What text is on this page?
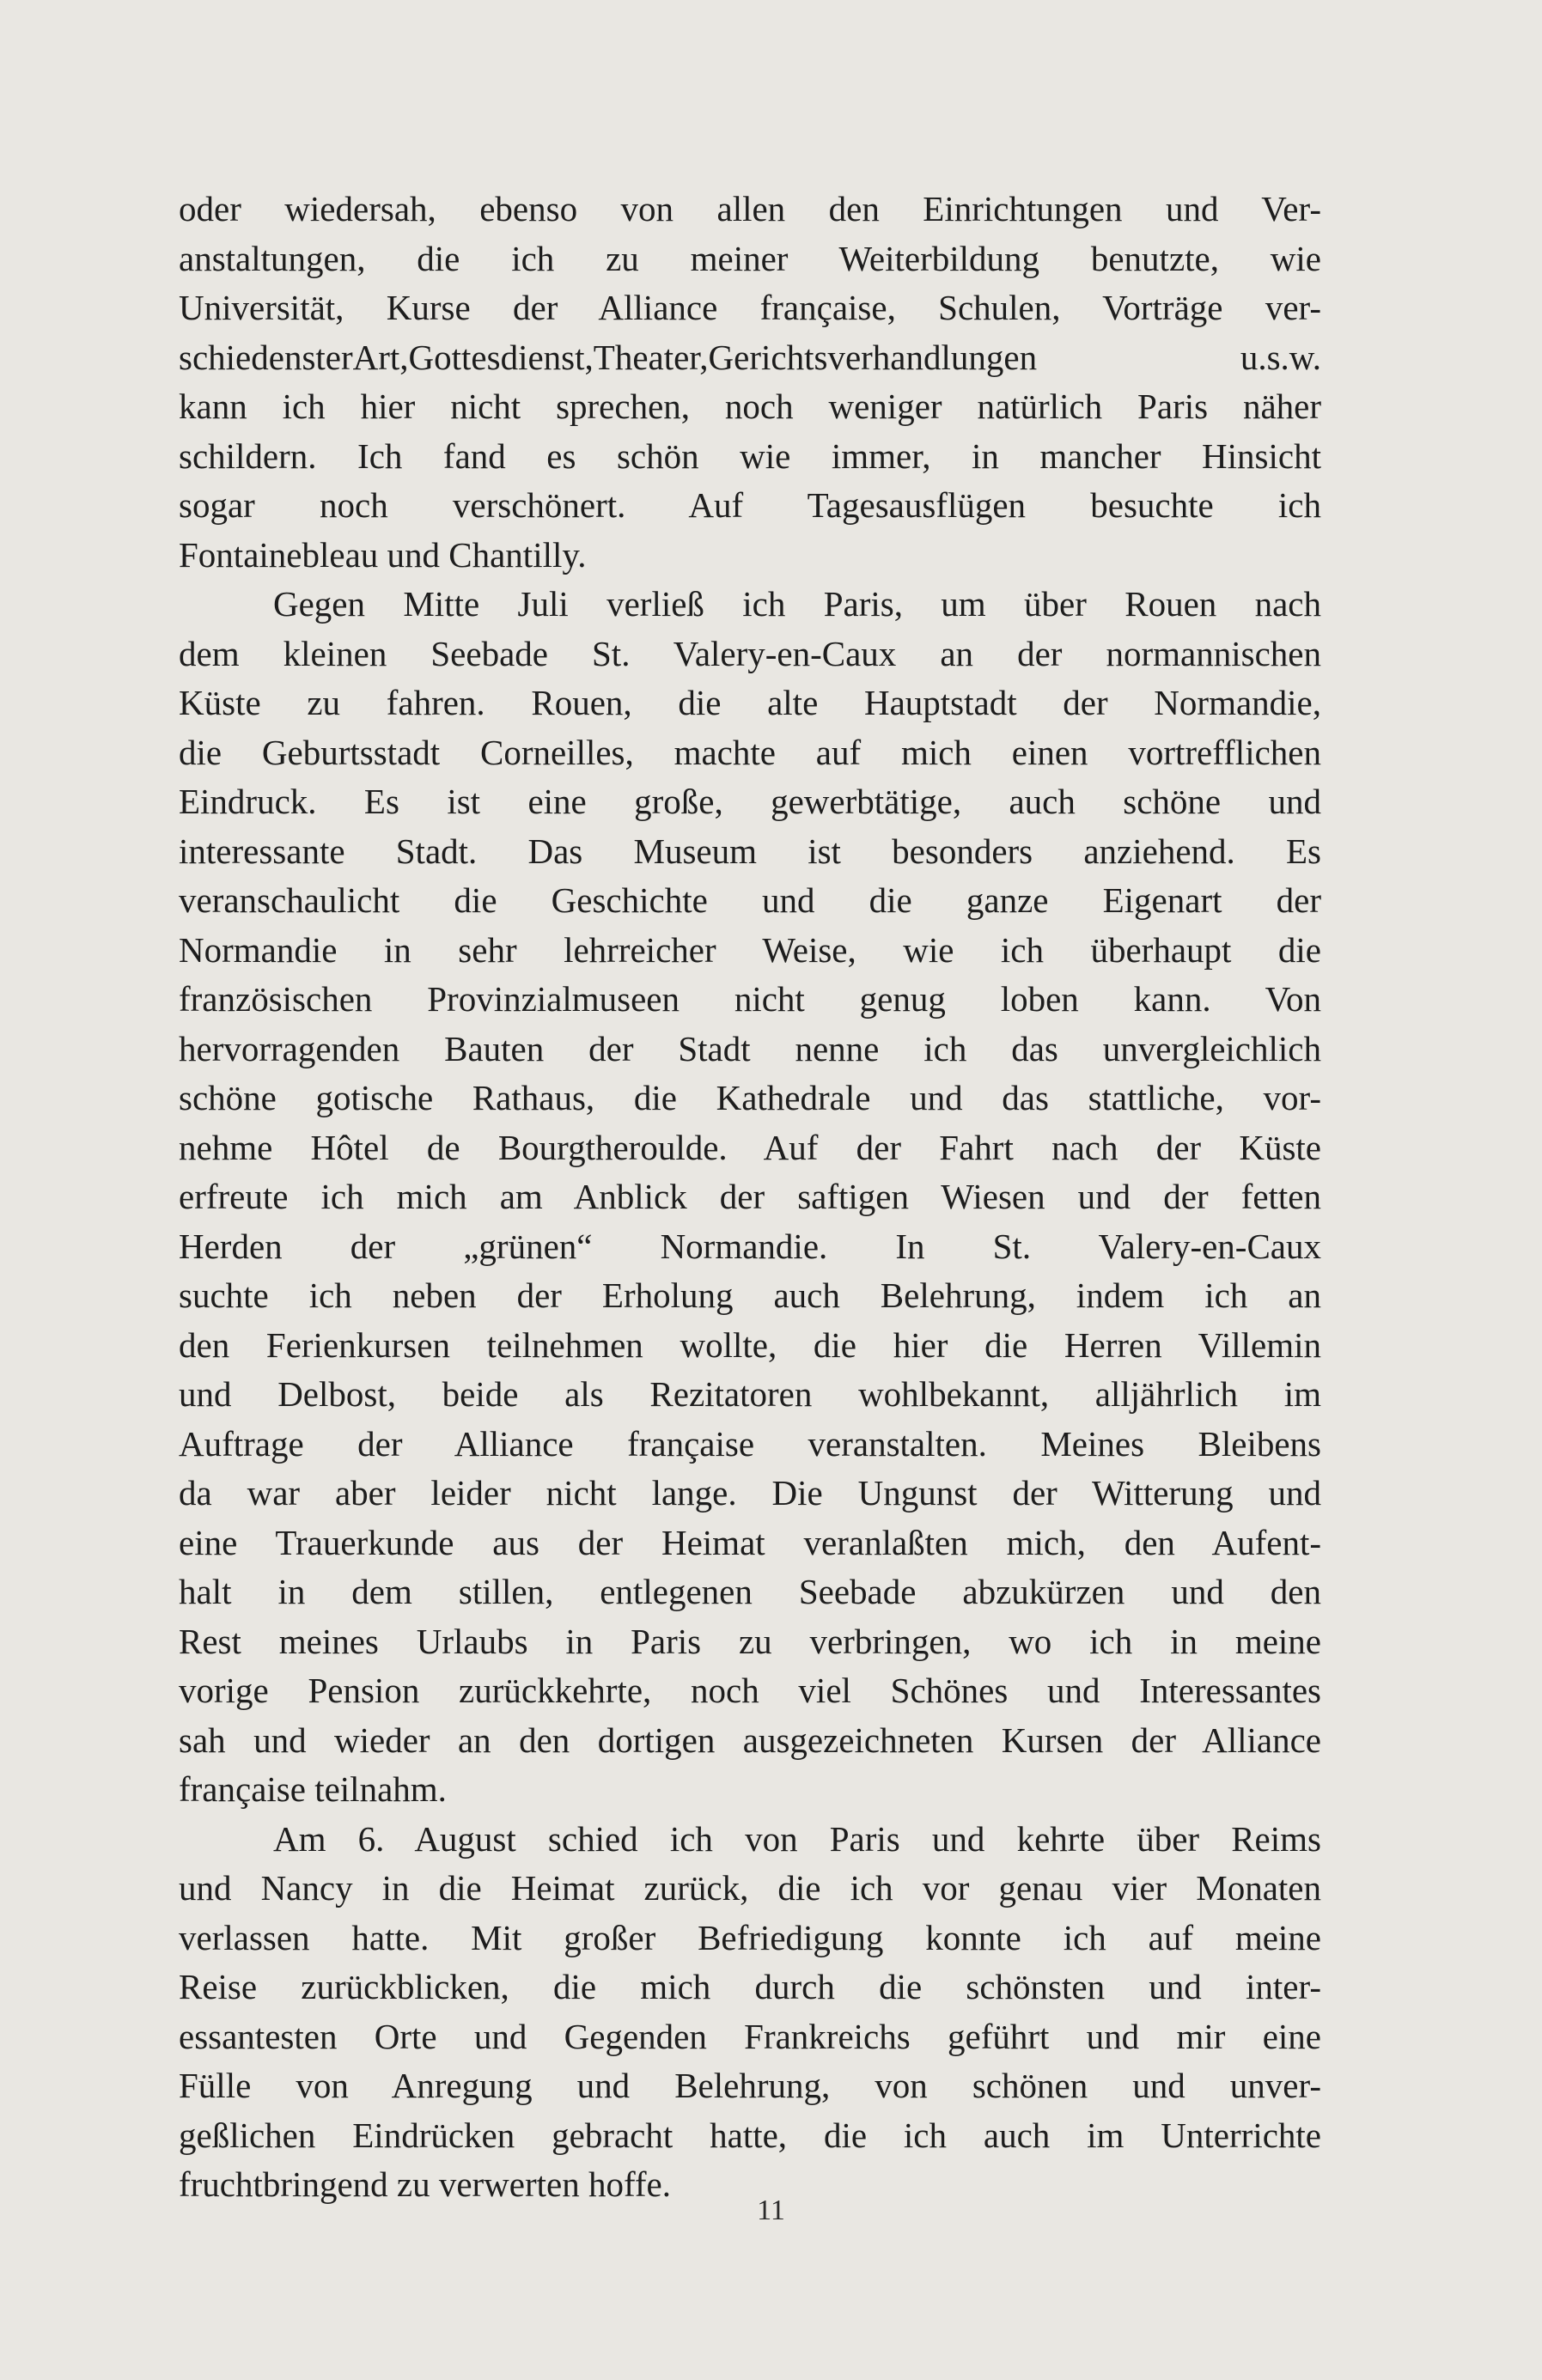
oder wiedersah, ebenso von allen den Einrichtungen und Ver-
anstaltungen, die ich zu meiner Weiterbildung benutzte, wie
Universität, Kurse der Alliance française, Schulen, Vorträge ver-
schiedensterArt,Gottesdienst,Theater,Gerichtsverhandlungen u.s.w.
kann ich hier nicht sprechen, noch weniger natürlich Paris näher
schildern. Ich fand es schön wie immer, in mancher Hinsicht
sogar noch verschönert. Auf Tagesausflügen besuchte ich
Fontainebleau und Chantilly.
Gegen Mitte Juli verließ ich Paris, um über Rouen nach
dem kleinen Seebade St. Valery-en-Caux an der normannischen
Küste zu fahren. Rouen, die alte Hauptstadt der Normandie,
die Geburtsstadt Corneilles, machte auf mich einen vortrefflichen
Eindruck. Es ist eine große, gewerbtätige, auch schöne und
interessante Stadt. Das Museum ist besonders anziehend. Es
veranschaulicht die Geschichte und die ganze Eigenart der
Normandie in sehr lehrreicher Weise, wie ich überhaupt die
französischen Provinzialmuseen nicht genug loben kann. Von
hervorragenden Bauten der Stadt nenne ich das unvergleichlich
schöne gotische Rathaus, die Kathedrale und das stattliche, vor-
nehme Hôtel de Bourgtheroulde. Auf der Fahrt nach der Küste
erfreute ich mich am Anblick der saftigen Wiesen und der fetten
Herden der „grünen“ Normandie. In St. Valery-en-Caux
suchte ich neben der Erholung auch Belehrung, indem ich an
den Ferienkursen teilnehmen wollte, die hier die Herren Villemin
und Delbost, beide als Rezitatoren wohlbekannt, alljährlich im
Auftrage der Alliance française veranstalten. Meines Bleibens
da war aber leider nicht lange. Die Ungunst der Witterung und
eine Trauerkunde aus der Heimat veranlaßten mich, den Aufent-
halt in dem stillen, entlegenen Seebade abzukürzen und den
Rest meines Urlaubs in Paris zu verbringen, wo ich in meine
vorige Pension zurückkehrte, noch viel Schönes und Interessantes
sah und wieder an den dortigen ausgezeichneten Kursen der Alliance
française teilnahm.
Am 6. August schied ich von Paris und kehrte über Reims
und Nancy in die Heimat zurück, die ich vor genau vier Monaten
verlassen hatte. Mit großer Befriedigung konnte ich auf meine
Reise zurückblicken, die mich durch die schönsten und inter-
essantesten Orte und Gegenden Frankreichs geführt und mir eine
Fülle von Anregung und Belehrung, von schönen und unver-
geßlichen Eindrücken gebracht hatte, die ich auch im Unterrichte
fruchtbringend zu verwerten hoffe.
11
